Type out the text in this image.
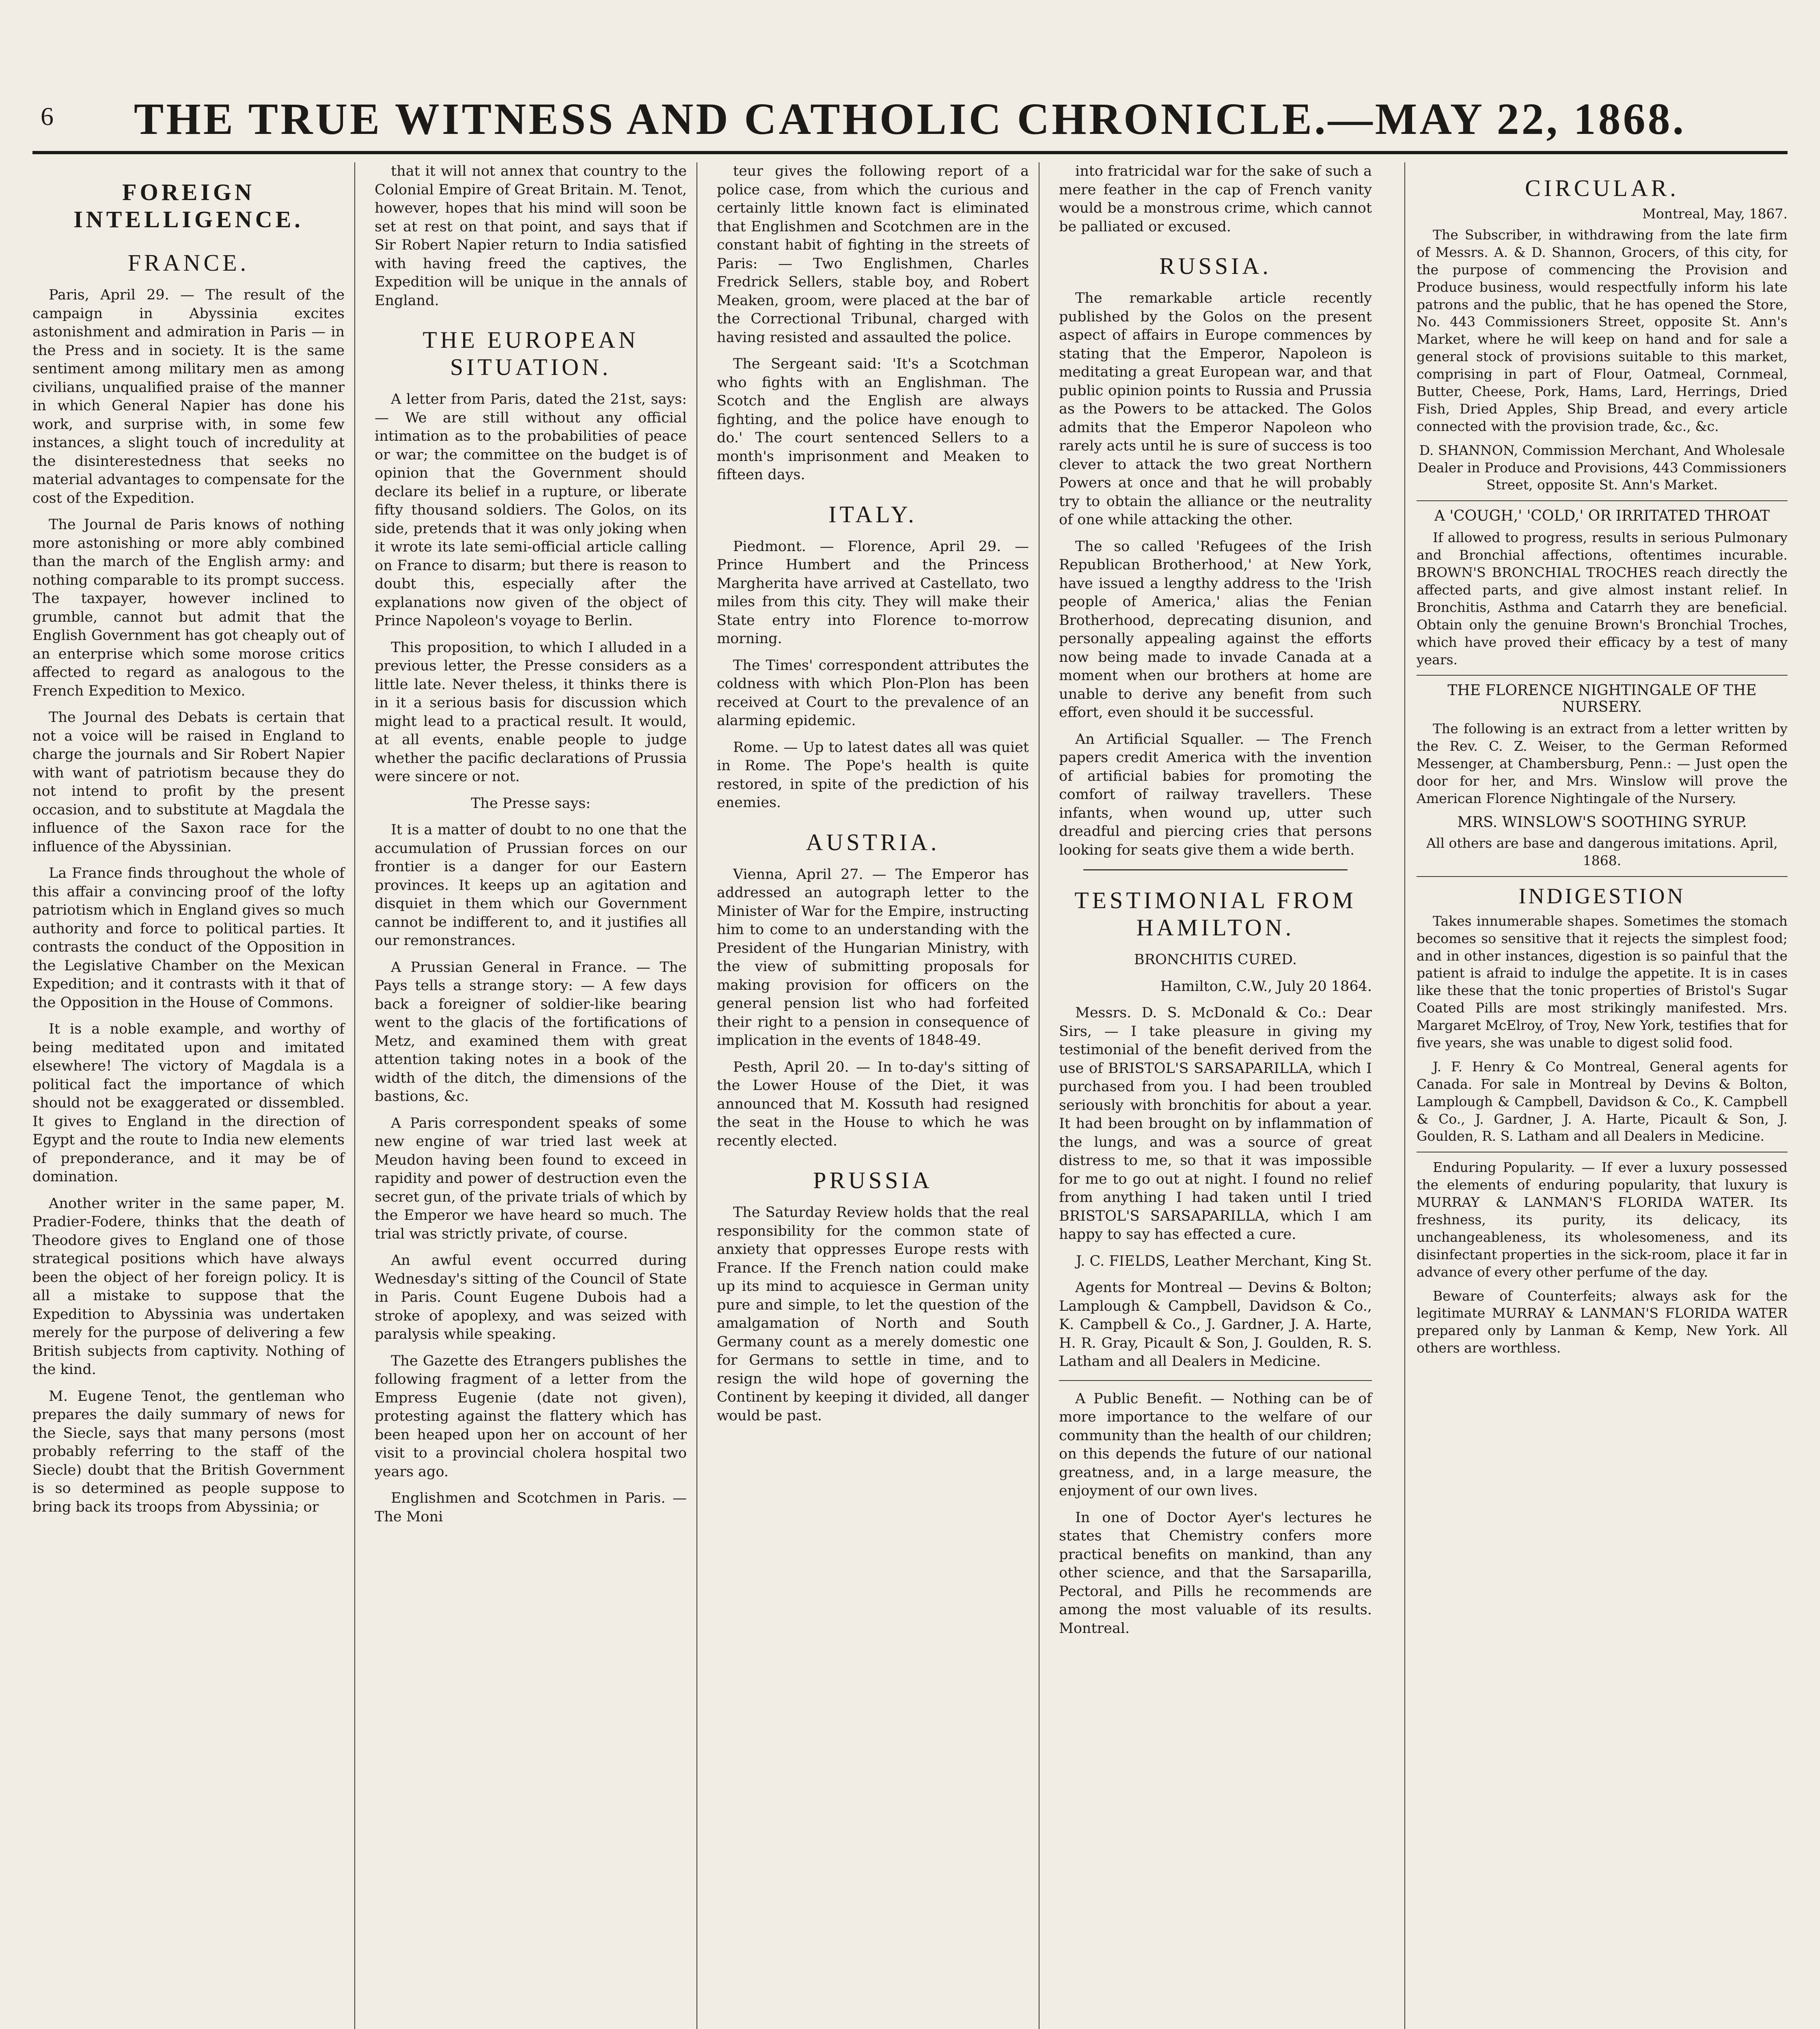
6	THE TRUE WITNESS AND CATHOLIC CHRONICLE.—MAY 22, 1868.
FOREIGN INTELLIGENCE.
FRANCE.

Paris, April 29. — The result of the campaign in Abyssinia excites astonishment and admiration in Paris — in the Press and in society. It is the same sentiment among military men as among civilians, unqualified praise of the manner in which General Napier has done his work, and surprise with, in some few instances, a slight touch of incredulity at the disinterestedness that seeks no material advantages to compensate for the cost of the Expedition.

The Journal de Paris knows of nothing more astonishing or more ably combined than the march of the English army: and nothing comparable to its prompt success. The taxpayer, however inclined to grumble, cannot but admit that the English Government has got cheaply out of an enterprise which some morose critics affected to regard as analogous to the French Expedition to Mexico.

The Journal des Debats is certain that not a voice will be raised in England to charge the journals and Sir Robert Napier with want of patriotism because they do not intend to profit by the present occasion, and to substitute at Magdala the influence of the Saxon race for the influence of the Abyssinian.

La France finds throughout the whole of this affair a convincing proof of the lofty patriotism which in England gives so much authority and force to political parties. It contrasts the conduct of the Opposition in the Legislative Chamber on the Mexican Expedition; and it contrasts with it that of the Opposition in the House of Commons.

It is a noble example, and worthy of being meditated upon and imitated elsewhere! The victory of Magdala is a political fact the importance of which should not be exaggerated or dissembled. It gives to England in the direction of Egypt and the route to India new elements of preponderance, and it may be of domination.

Another writer in the same paper, M. Pradier-Fodere, thinks that the death of Theodore gives to England one of those strategical positions which have always been the object of her foreign policy. It is all a mistake to suppose that the Expedition to Abyssinia was undertaken merely for the purpose of delivering a few British subjects from captivity. Nothing of the kind.

M. Eugene Tenot, the gentleman who prepares the daily summary of news for the Siecle, says that many persons (most probably referring to the staff of the Siecle) doubt that the British Government is so determined as people suppose to bring back its troops from Abyssinia; or

that it will not annex that country to the Colonial Empire of Great Britain. M. Tenot, however, hopes that his mind will soon be set at rest on that point, and says that if Sir Robert Napier return to India satisfied with having freed the captives, the Expedition will be unique in the annals of England.

THE EUROPEAN SITUATION.

A letter from Paris, dated the 21st, says: — We are still without any official intimation as to the probabilities of peace or war; the committee on the budget is of opinion that the Government should declare its belief in a rupture, or liberate fifty thousand soldiers. The Golos, on its side, pretends that it was only joking when it wrote its late semi-official article calling on France to disarm; but there is reason to doubt this, especially after the explanations now given of the object of Prince Napoleon's voyage to Berlin.

This proposition, to which I alluded in a previous letter, the Presse considers as a little late. Never theless, it thinks there is in it a serious basis for discussion which might lead to a practical result. It would, at all events, enable people to judge whether the pacific declarations of Prussia were sincere or not.

The Presse says:

It is a matter of doubt to no one that the accumulation of Prussian forces on our frontier is a danger for our Eastern provinces. It keeps up an agitation and disquiet in them which our Government cannot be indifferent to, and it justifies all our remonstrances.

A Prussian General in France. — The Pays tells a strange story: — A few days back a foreigner of soldier-like bearing went to the glacis of the fortifications of Metz, and examined them with great attention taking notes in a book of the width of the ditch, the dimensions of the bastions, &c.

A Paris correspondent speaks of some new engine of war tried last week at Meudon having been found to exceed in rapidity and power of destruction even the secret gun, of the private trials of which by the Emperor we have heard so much. The trial was strictly private, of course.

An awful event occurred during Wednesday's sitting of the Council of State in Paris. Count Eugene Dubois had a stroke of apoplexy, and was seized with paralysis while speaking.

The Gazette des Etrangers publishes the following fragment of a letter from the Empress Eugenie (date not given), protesting against the flattery which has been heaped upon her on account of her visit to a provincial cholera hospital two years ago.

Englishmen and Scotchmen in Paris. — The Moni

teur gives the following report of a police case, from which the curious and certainly little known fact is eliminated that Englishmen and Scotchmen are in the constant habit of fighting in the streets of Paris: — Two Englishmen, Charles Fredrick Sellers, stable boy, and Robert Meaken, groom, were placed at the bar of the Correctional Tribunal, charged with having resisted and assaulted the police.

The Sergeant said: 'It's a Scotchman who fights with an Englishman. The Scotch and the English are always fighting, and the police have enough to do.' The court sentenced Sellers to a month's imprisonment and Meaken to fifteen days.

ITALY.

Piedmont. — Florence, April 29. — Prince Humbert and the Princess Margherita have arrived at Castellato, two miles from this city. They will make their State entry into Florence to-morrow morning.

The Times' correspondent attributes the coldness with which Plon-Plon has been received at Court to the prevalence of an alarming epidemic.

Rome. — Up to latest dates all was quiet in Rome. The Pope's health is quite restored, in spite of the prediction of his enemies.

AUSTRIA.

Vienna, April 27. — The Emperor has addressed an autograph letter to the Minister of War for the Empire, instructing him to come to an understanding with the President of the Hungarian Ministry, with the view of submitting proposals for making provision for officers on the general pension list who had forfeited their right to a pension in consequence of implication in the events of 1848-49.

Pesth, April 20. — In to-day's sitting of the Lower House of the Diet, it was announced that M. Kossuth had resigned the seat in the House to which he was recently elected.

PRUSSIA

The Saturday Review holds that the real responsibility for the common state of anxiety that oppresses Europe rests with France. If the French nation could make up its mind to acquiesce in German unity pure and simple, to let the question of the amalgamation of North and South Germany count as a merely domestic one for Germans to settle in time, and to resign the wild hope of governing the Continent by keeping it divided, all danger would be past.

into fratricidal war for the sake of such a mere feather in the cap of French vanity would be a monstrous crime, which cannot be palliated or excused.

RUSSIA.

The remarkable article recently published by the Golos on the present aspect of affairs in Europe commences by stating that the Emperor, Napoleon is meditating a great European war, and that public opinion points to Russia and Prussia as the Powers to be attacked. The Golos admits that the Emperor Napoleon who rarely acts until he is sure of success is too clever to attack the two great Northern Powers at once and that he will probably try to obtain the alliance or the neutrality of one while attacking the other.

The so called 'Refugees of the Irish Republican Brotherhood,' at New York, have issued a lengthy address to the 'Irish people of America,' alias the Fenian Brotherhood, deprecating disunion, and personally appealing against the efforts now being made to invade Canada at a moment when our brothers at home are unable to derive any benefit from such effort, even should it be successful.

An Artificial Squaller. — The French papers credit America with the invention of artificial babies for promoting the comfort of railway travellers. These infants, when wound up, utter such dreadful and piercing cries that persons looking for seats give them a wide berth.

TESTIMONIAL FROM HAMILTON.

BRONCHITIS CURED.

Hamilton, C.W., July 20 1864.

Messrs. D. S. McDonald & Co.: Dear Sirs, — I take pleasure in giving my testimonial of the benefit derived from the use of BRISTOL'S SARSAPARILLA, which I purchased from you. I had been troubled seriously with bronchitis for about a year. It had been brought on by inflammation of the lungs, and was a source of great distress to me, so that it was impossible for me to go out at night. I found no relief from anything I had taken until I tried BRISTOL'S SARSAPARILLA, which I am happy to say has effected a cure.

J. C. FIELDS, Leather Merchant, King St.

Agents for Montreal — Devins & Bolton; Lamplough & Campbell, Davidson & Co., K. Campbell & Co., J. Gardner, J. A. Harte, H. R. Gray, Picault & Son, J. Goulden, R. S. Latham and all Dealers in Medicine.

A Public Benefit. — Nothing can be of more importance to the welfare of our community than the health of our children; on this depends the future of our national greatness, and, in a large measure, the enjoyment of our own lives.

In one of Doctor Ayer's lectures he states that Chemistry confers more practical benefits on mankind, than any other science, and that the Sarsaparilla, Pectoral, and Pills he recommends are among the most valuable of its results. Montreal.

CIRCULAR.

Montreal, May, 1867.

The Subscriber, in withdrawing from the late firm of Messrs. A. & D. Shannon, Grocers, of this city, for the purpose of commencing the Provision and Produce business, would respectfully inform his late patrons and the public, that he has opened the Store, No. 443 Commissioners Street, opposite St. Ann's Market, where he will keep on hand and for sale a general stock of provisions suitable to this market, comprising in part of Flour, Oatmeal, Cornmeal, Butter, Cheese, Pork, Hams, Lard, Herrings, Dried Fish, Dried Apples, Ship Bread, and every article connected with the provision trade, &c., &c.

D. SHANNON, Commission Merchant, And Wholesale Dealer in Produce and Provisions, 443 Commissioners Street, opposite St. Ann's Market.

A 'COUGH,' 'COLD,' OR IRRITATED THROAT

If allowed to progress, results in serious Pulmonary and Bronchial affections, oftentimes incurable. BROWN'S BRONCHIAL TROCHES reach directly the affected parts, and give almost instant relief. In Bronchitis, Asthma and Catarrh they are beneficial. Obtain only the genuine Brown's Bronchial Troches, which have proved their efficacy by a test of many years.

THE FLORENCE NIGHTINGALE OF THE NURSERY.

The following is an extract from a letter written by the Rev. C. Z. Weiser, to the German Reformed Messenger, at Chambersburg, Penn.: — Just open the door for her, and Mrs. Winslow will prove the American Florence Nightingale of the Nursery.

MRS. WINSLOW'S SOOTHING SYRUP.

All others are base and dangerous imitations. April, 1868.

INDIGESTION

Takes innumerable shapes. Sometimes the stomach becomes so sensitive that it rejects the simplest food; and in other instances, digestion is so painful that the patient is afraid to indulge the appetite. It is in cases like these that the tonic properties of Bristol's Sugar Coated Pills are most strikingly manifested. Mrs. Margaret McElroy, of Troy, New York, testifies that for five years, she was unable to digest solid food.

J. F. Henry & Co Montreal, General agents for Canada. For sale in Montreal by Devins & Bolton, Lamplough & Campbell, Davidson & Co., K. Campbell & Co., J. Gardner, J. A. Harte, Picault & Son, J. Goulden, R. S. Latham and all Dealers in Medicine.

Enduring Popularity. — If ever a luxury possessed the elements of enduring popularity, that luxury is MURRAY & LANMAN'S FLORIDA WATER. Its freshness, its purity, its delicacy, its unchangeableness, its wholesomeness, and its disinfectant properties in the sick-room, place it far in advance of every other perfume of the day.

Beware of Counterfeits; always ask for the legitimate MURRAY & LANMAN'S FLORIDA WATER prepared only by Lanman & Kemp, New York. All others are worthless.
